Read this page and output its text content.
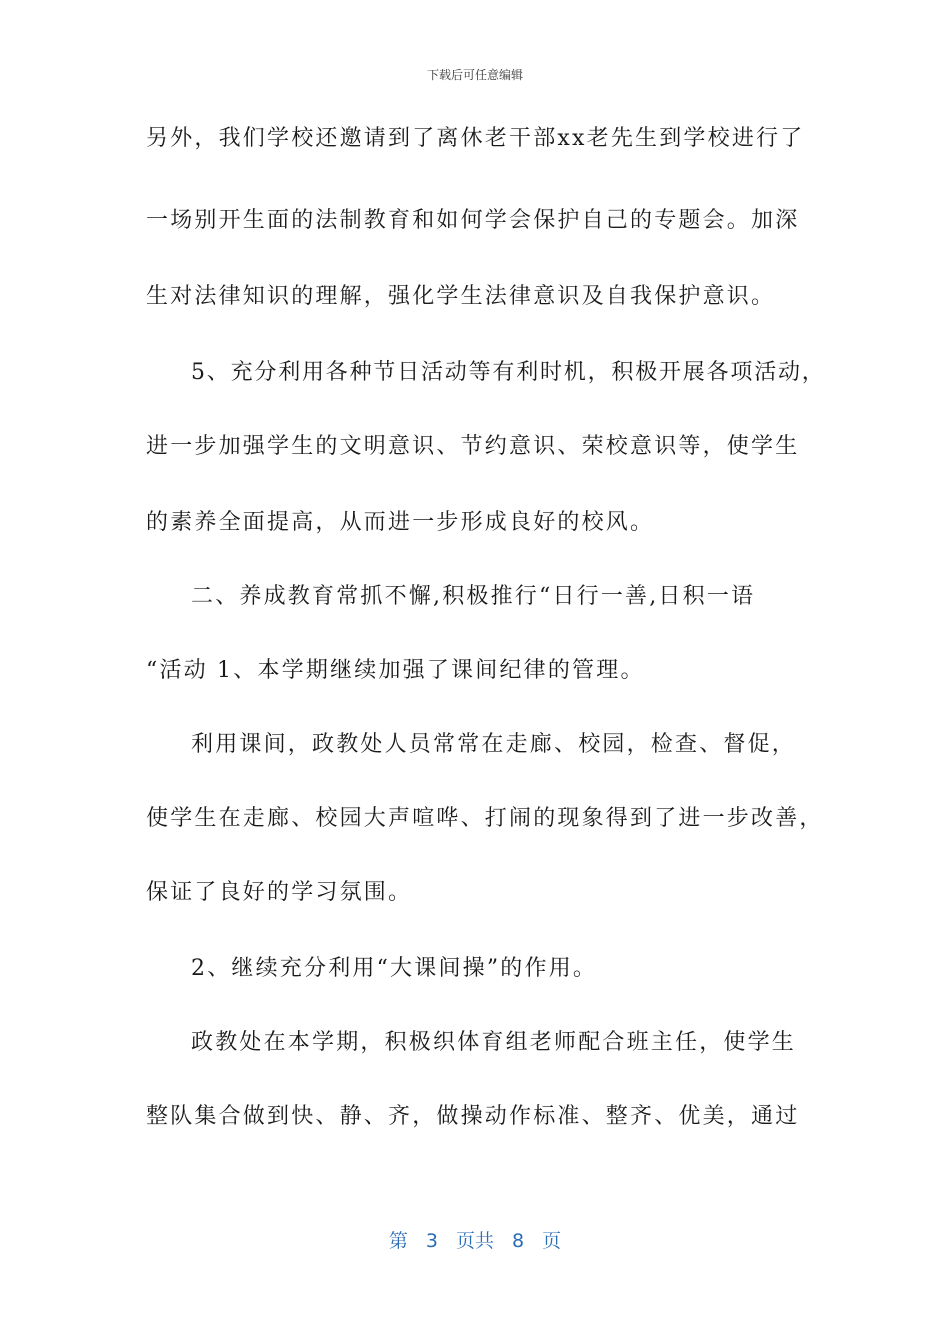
下载后可任意编辑
另外，我们学校还邀请到了离休老干部xx老先生到学校进行了
一场别开生面的法制教育和如何学会保护自己的专题会。加深
生对法律知识的理解，强化学生法律意识及自我保护意识。
5、充分利用各种节日活动等有利时机，积极开展各项活动，
进一步加强学生的文明意识、节约意识、荣校意识等，使学生
的素养全面提高，从而进一步形成良好的校风。
二、养成教育常抓不懈,积极推行“日行一善,日积一语
“活动 1、本学期继续加强了课间纪律的管理。
利用课间，政教处人员常常在走廊、校园，检查、督促，
使学生在走廊、校园大声喧哗、打闹的现象得到了进一步改善，
保证了良好的学习氛围。
2、继续充分利用“大课间操”的作用。
政教处在本学期，积极织体育组老师配合班主任，使学生
整队集合做到快、静、齐，做操动作标准、整齐、优美，通过
第 3 页共 8 页
